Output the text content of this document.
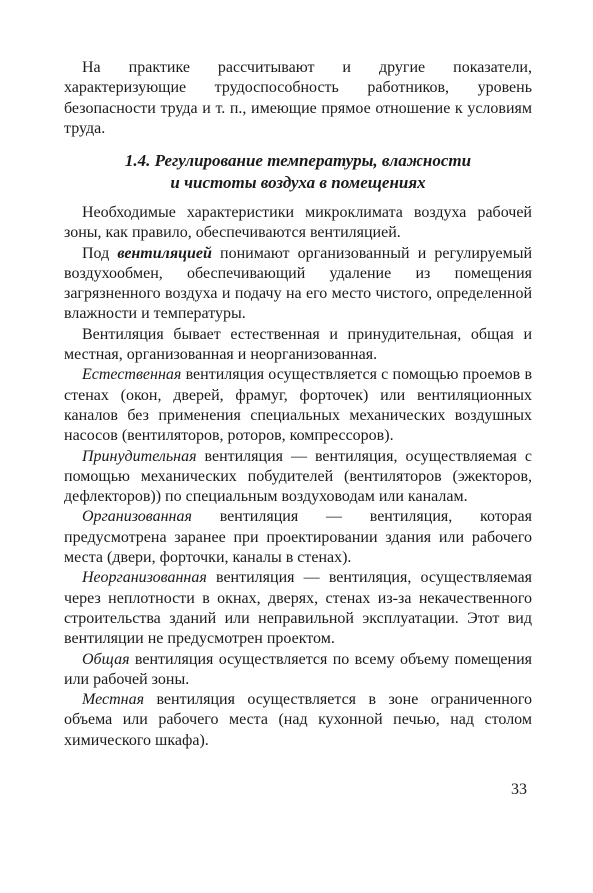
На практике рассчитывают и другие показатели, характеризующие трудоспособность работников, уровень безопасности труда и т. п., имеющие прямое отношение к условиям труда.

1.4. Регулирование температуры, влажности
и чистоты воздуха в помещениях

Необходимые характеристики микроклимата воздуха рабочей зоны, как правило, обеспечиваются вентиляцией.

Под вентиляцией понимают организованный и регулируемый воздухообмен, обеспечивающий удаление из помещения загрязненного воздуха и подачу на его место чистого, определенной влажности и температуры.

Вентиляция бывает естественная и принудительная, общая и местная, организованная и неорганизованная.

Естественная вентиляция осуществляется с помощью проемов в стенах (окон, дверей, фрамуг, форточек) или вентиляционных каналов без применения специальных механических воздушных насосов (вентиляторов, роторов, компрессоров).

Принудительная вентиляция — вентиляция, осуществляемая с помощью механических побудителей (вентиляторов (эжекторов, дефлекторов)) по специальным воздуховодам или каналам.

Организованная вентиляция — вентиляция, которая предусмотрена заранее при проектировании здания или рабочего места (двери, форточки, каналы в стенах).

Неорганизованная вентиляция — вентиляция, осуществляемая через неплотности в окнах, дверях, стенах из-за некачественного строительства зданий или неправильной эксплуатации. Этот вид вентиляции не предусмотрен проектом.

Общая вентиляция осуществляется по всему объему помещения или рабочей зоны.

Местная вентиляция осуществляется в зоне ограниченного объема или рабочего места (над кухонной печью, над столом химического шкафа).

33
